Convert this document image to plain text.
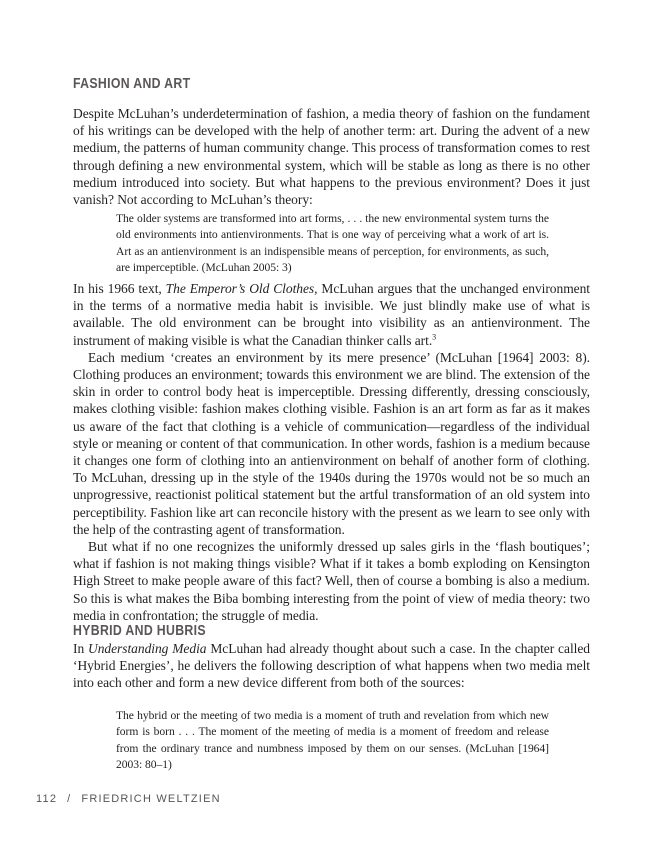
FASHION AND ART

Despite McLuhan’s underdetermination of fashion, a media theory of fashion on the fundament of his writings can be developed with the help of another term: art. During the advent of a new medium, the patterns of human community change. This process of transformation comes to rest through defining a new environmental system, which will be stable as long as there is no other medium introduced into society. But what happens to the previous environment? Does it just vanish? Not according to McLuhan’s theory:

The older systems are transformed into art forms, . . . the new environmental system turns the old environments into antienvironments. That is one way of perceiving what a work of art is. Art as an antienvironment is an indispensible means of perception, for environments, as such, are imperceptible. (McLuhan 2005: 3)

In his 1966 text, The Emperor’s Old Clothes, McLuhan argues that the unchanged environment in the terms of a normative media habit is invisible. We just blindly make use of what is available. The old environment can be brought into visibility as an antienvironment. The instrument of making visible is what the Canadian thinker calls art.$^3$

Each medium ‘creates an environment by its mere presence’ (McLuhan [1964] 2003: 8). Clothing produces an environment; towards this environment we are blind. The extension of the skin in order to control body heat is imperceptible. Dressing differently, dressing consciously, makes clothing visible: fashion makes clothing visible. Fashion is an art form as far as it makes us aware of the fact that clothing is a vehicle of communication—regardless of the individual style or meaning or content of that communication. In other words, fashion is a medium because it changes one form of clothing into an antienvironment on behalf of another form of clothing. To McLuhan, dressing up in the style of the 1940s during the 1970s would not be so much an unprogressive, reactionist political statement but the artful transformation of an old system into perceptibility. Fashion like art can reconcile history with the present as we learn to see only with the help of the contrasting agent of transformation.

But what if no one recognizes the uniformly dressed up sales girls in the ‘flash boutiques’; what if fashion is not making things visible? What if it takes a bomb exploding on Kensington High Street to make people aware of this fact? Well, then of course a bombing is also a medium. So this is what makes the Biba bombing interesting from the point of view of media theory: two media in confrontation; the struggle of media.

HYBRID AND HUBRIS

In Understanding Media McLuhan had already thought about such a case. In the chapter called ‘Hybrid Energies’, he delivers the following description of what happens when two media melt into each other and form a new device different from both of the sources:

The hybrid or the meeting of two media is a moment of truth and revelation from which new form is born . . . The moment of the meeting of media is a moment of freedom and release from the ordinary trance and numbness imposed by them on our senses. (McLuhan [1964] 2003: 80–1)

112 / FRIEDRICH WELTZIEN
